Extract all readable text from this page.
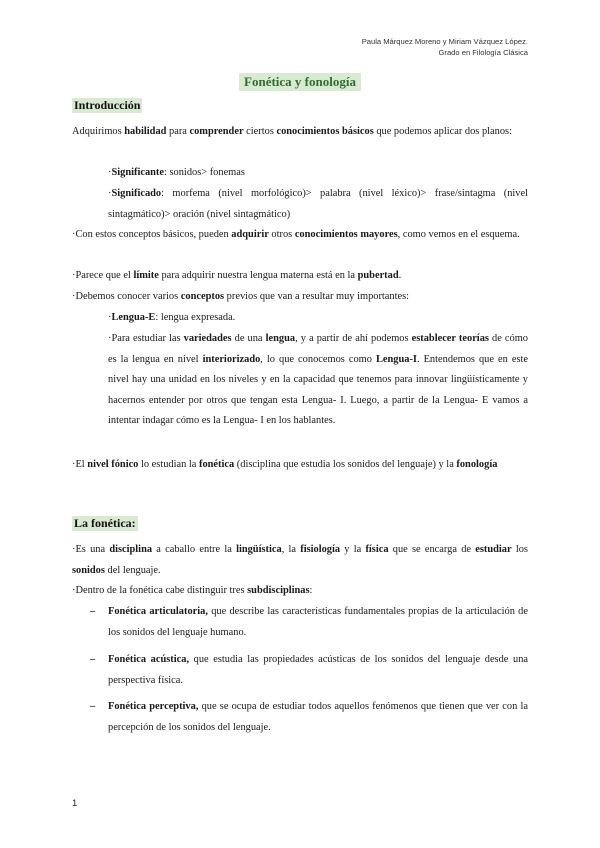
Paula Márquez Moreno y Miriam Vázquez López.
Grado en Filología Clásica
Fonética y fonología
Introducción
Adquirimos habilidad para comprender ciertos conocimientos básicos que podemos aplicar dos planos:
·Significante: sonidos> fonemas
·Significado: morfema (nivel morfológico)> palabra (nivel léxico)> frase/sintagma (nivel sintagmático)> oración (nivel sintagmático)
·Con estos conceptos básicos, pueden adquirir otros conocimientos mayores, como vemos en el esquema.
·Parece que el límite para adquirir nuestra lengua materna está en la pubertad.
·Debemos conocer varios conceptos previos que van a resultar muy importantes:
·Lengua-E: lengua expresada.
·Para estudiar las variedades de una lengua, y a partir de ahí podemos establecer teorías de cómo es la lengua en nivel interiorizado, lo que conocemos como Lengua-I. Entendemos que en este nivel hay una unidad en los niveles y en la capacidad que tenemos para innovar lingüísticamente y hacernos entender por otros que tengan esta Lengua- I. Luego, a partir de la Lengua- E vamos a intentar indagar cómo es la Lengua- I en los hablantes.
·El nivel fónico lo estudian la fonética (disciplina que estudia los sonidos del lenguaje) y la fonología
La fonética:
·Es una disciplina a caballo entre la lingüística, la fisiología y la física que se encarga de estudiar los sonidos del lenguaje.
·Dentro de la fonética cabe distinguir tres subdisciplinas:
– Fonética articulatoria, que describe las características fundamentales propias de la articulación de los sonidos del lenguaje humano.
– Fonética acústica, que estudia las propiedades acústicas de los sonidos del lenguaje desde una perspectiva física.
– Fonética perceptiva, que se ocupa de estudiar todos aquellos fenómenos que tienen que ver con la percepción de los sonidos del lenguaje.
1
